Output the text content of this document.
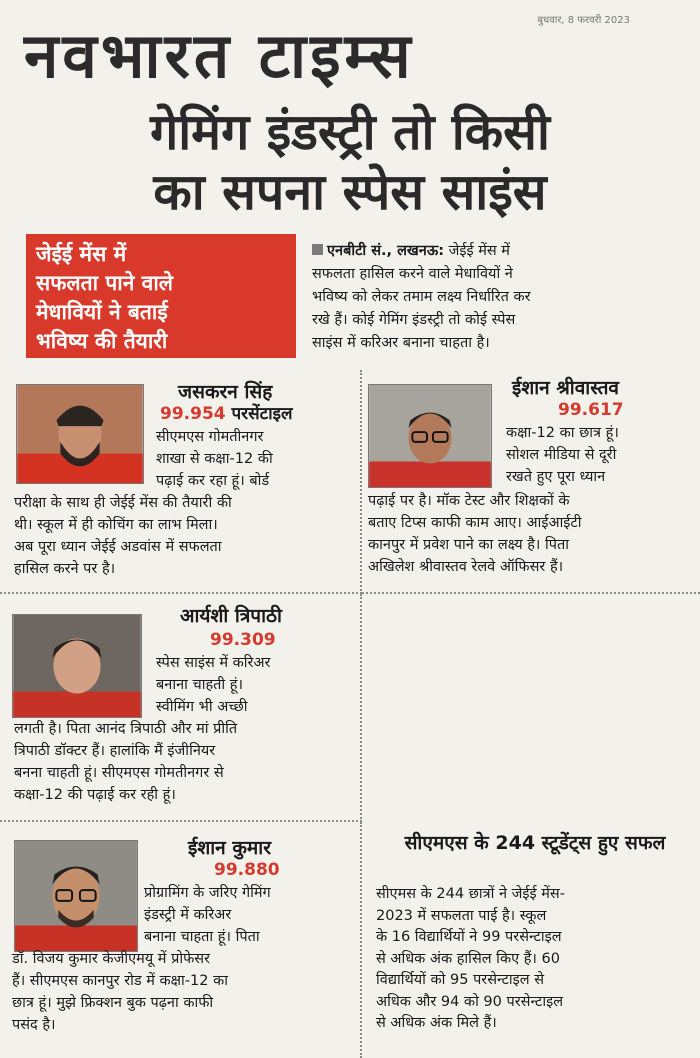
बुधवार, 8 फरवरी 2023
नवभारत टाइम्स
गेमिंग इंडस्ट्री तो किसी
का सपना स्पेस साइंस
जेईई मेंस में
सफलता पाने वाले
मेधावियों ने बताई
भविष्य की तैयारी
एनबीटी सं., लखनऊ: जेईई मेंस में
सफलता हासिल करने वाले मेधावियों ने
भविष्य को लेकर तमाम लक्ष्य निर्धारित कर
रखे हैं। कोई गेमिंग इंडस्ट्री तो कोई स्पेस
साइंस में करिअर बनाना चाहता है।
जसकरन सिंह
99.954 परसेंटाइल
सीएमएस गोमतीनगर
शाखा से कक्षा-12 की
पढ़ाई कर रहा हूं। बोर्ड
परीक्षा के साथ ही जेईई मेंस की तैयारी की
थी। स्कूल में ही कोचिंग का लाभ मिला।
अब पूरा ध्यान जेईई अडवांस में सफलता
हासिल करने पर है।
ईशान श्रीवास्तव
99.617
कक्षा-12 का छात्र हूं।
सोशल मीडिया से दूरी
रखते हुए पूरा ध्यान
पढ़ाई पर है। मॉक टेस्ट और शिक्षकों के
बताए टिप्स काफी काम आए। आईआईटी
कानपुर में प्रवेश पाने का लक्ष्य है। पिता
अखिलेश श्रीवास्तव रेलवे ऑफिसर हैं।
आर्यशी त्रिपाठी
99.309
स्पेस साइंस में करिअर
बनाना चाहती हूं।
स्वीमिंग भी अच्छी
लगती है। पिता आनंद त्रिपाठी और मां प्रीति
त्रिपाठी डॉक्टर हैं। हालांकि मैं इंजीनियर
बनना चाहती हूं। सीएमएस गोमतीनगर से
कक्षा-12 की पढ़ाई कर रही हूं।
ईशान कुमार
99.880
प्रोग्रामिंग के जरिए गेमिंग
इंडस्ट्री में करिअर
बनाना चाहता हूं। पिता
डॉ. विजय कुमार केजीएमयू में प्रोफेसर
हैं। सीएमएस कानपुर रोड में कक्षा-12 का
छात्र हूं। मुझे फ्रिक्शन बुक पढ़ना काफी
पसंद है।
सीएमएस के 244 स्टूडेंट्स हुए सफल
सीएमस के 244 छात्रों ने जेईई मेंस-
2023 में सफलता पाई है। स्कूल
के 16 विद्यार्थियों ने 99 परसेन्टाइल
से अधिक अंक हासिल किए हैं। 60
विद्यार्थियों को 95 परसेन्टाइल से
अधिक और 94 को 90 परसेन्टाइल
से अधिक अंक मिले हैं।
